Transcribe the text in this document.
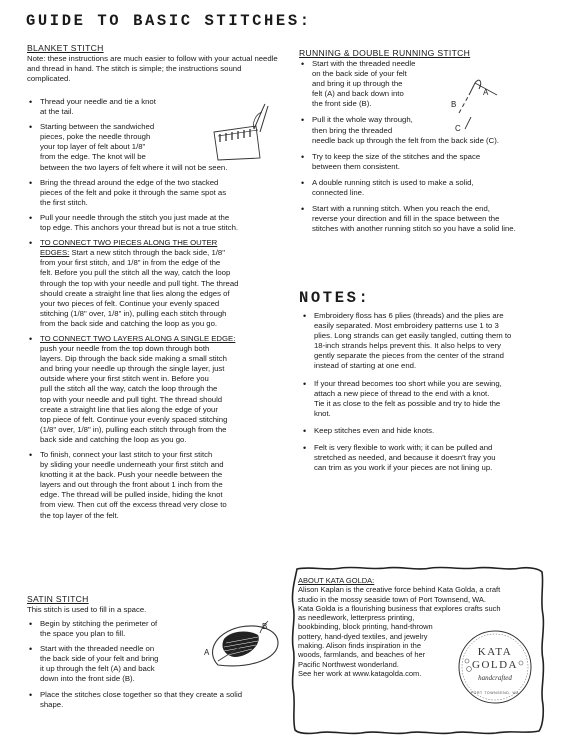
GUIDE TO BASIC STITCHES:
BLANKET STITCH
Note: these instructions are much easier to follow with your actual needle and thread in hand. The stitch is simple; the instructions sound complicated.
• Thread your needle and tie a knot
at the tail.
• Starting between the sandwiched
pieces, poke the needle through
your top layer of felt about 1/8"
from the edge. The knot will be
between the two layers of felt where it will not be seen.
• Bring the thread around the edge of the two stacked
pieces of the felt and poke it through the same spot as
the first stitch.
• Pull your needle through the stitch you just made at the
top edge. This anchors your thread but is not a true stitch.
• TO CONNECT TWO PIECES ALONG THE OUTER
EDGES: Start a new stitch through the back side, 1/8"
from your first stitch, and 1/8" in from the edge of the
felt. Before you pull the stitch all the way, catch the loop
through the top with your needle and pull tight. The thread
should create a straight line that lies along the edges of
your two pieces of felt. Continue your evenly spaced
stitching (1/8" over, 1/8" in), pulling each stitch through
from the back side and catching the loop as you go.
• TO CONNECT TWO LAYERS ALONG A SINGLE EDGE:
push your needle from the top down through both
layers. Dip through the back side making a small stitch
and bring your needle up through the single layer, just
outside where your first stitch went in. Before you
pull the stitch all the way, catch the loop through the
top with your needle and pull tight. The thread should
create a straight line that lies along the edge of your
top piece of felt. Continue your evenly spaced stitching
(1/8" over, 1/8" in), pulling each stitch through from the
back side and catching the loop as you go.
• To finish, connect your last stitch to your first stitch
by sliding your needle underneath your first stitch and
knotting it at the back. Push your needle between the
layers and out through the front about 1 inch from the
edge. The thread will be pulled inside, hiding the knot
from view. Then cut off the excess thread very close to
the top layer of the felt.
SATIN STITCH
This stitch is used to fill in a space.
• Begin by stitching the perimeter of
the space you plan to fill.
• Start with the threaded needle on
the back side of your felt and bring
it up through the felt (A) and back
down into the front side (B).
• Place the stitches close together so that they create a solid
shape.
RUNNING & DOUBLE RUNNING STITCH
• Start with the threaded needle
on the back side of your felt
and bring it up through the
felt (A) and back down into
the front side (B).
• Pull it the whole way through,
then bring the threaded
needle back up through the felt from the back side (C).
• Try to keep the size of the stitches and the space
between them consistent.
• A double running stitch is used to make a solid,
connected line.
• Start with a running stitch. When you reach the end,
reverse your direction and fill in the space between the
stitches with another running stitch so you have a solid line.
NOTES:
• Embroidery floss has 6 plies (threads) and the plies are
easily separated. Most embroidery patterns use 1 to 3
plies. Long strands can get easily tangled, cutting them to
18-inch strands helps prevent this. It also helps to very
gently separate the pieces from the center of the strand
instead of starting at one end.
• If your thread becomes too short while you are sewing,
attach a new piece of thread to the end with a knot.
Tie it as close to the felt as possible and try to hide the
knot.
• Keep stitches even and hide knots.
• Felt is very flexible to work with; it can be pulled and
stretched as needed, and because it doesn't fray you
can trim as you work if your pieces are not lining up.
ABOUT KATA GOLDA:
Alison Kaplan is the creative force behind Kata Golda, a craft
studio in the mossy seaside town of Port Townsend, WA.
Kata Golda is a flourishing business that explores crafts such
as needlework, letterpress printing,
bookbinding, block printing, hand-thrown
pottery, hand-dyed textiles, and jewelry
making. Alison finds inspiration in the
woods, farmlands, and beaches of her
Pacific Northwest wonderland.
See her work at www.katagolda.com.
KATA
GOLDA
handcrafted
PORT TOWNSEND, WA
A
B
A
B
C
